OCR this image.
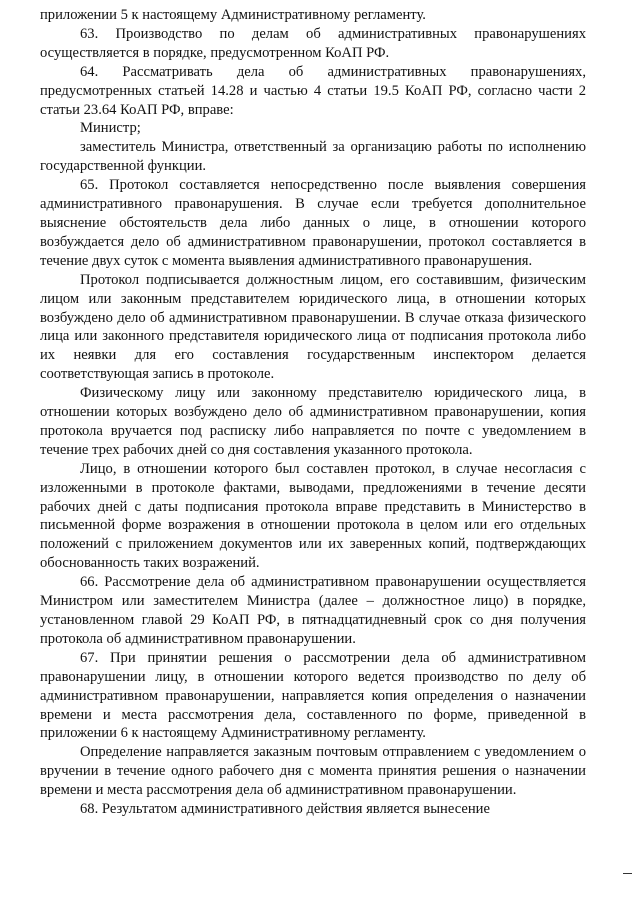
приложении 5 к настоящему Административному регламенту.

63. Производство по делам об административных правонарушениях осуществляется в порядке, предусмотренном КоАП РФ.

64. Рассматривать дела об административных правонарушениях, предусмотренных статьей 14.28 и частью 4 статьи 19.5 КоАП РФ, согласно части 2 статьи 23.64 КоАП РФ, вправе:

Министр;

заместитель Министра, ответственный за организацию работы по исполнению государственной функции.

65. Протокол составляется непосредственно после выявления совершения административного правонарушения. В случае если требуется дополнительное выяснение обстоятельств дела либо данных о лице, в отношении которого возбуждается дело об административном правонарушении, протокол составляется в течение двух суток с момента выявления административного правонарушения.

Протокол подписывается должностным лицом, его составившим, физическим лицом или законным представителем юридического лица, в отношении которых возбуждено дело об административном правонарушении. В случае отказа физического лица или законного представителя юридического лица от подписания протокола либо их неявки для его составления государственным инспектором делается соответствующая запись в протоколе.

Физическому лицу или законному представителю юридического лица, в отношении которых возбуждено дело об административном правонарушении, копия протокола вручается под расписку либо направляется по почте с уведомлением в течение трех рабочих дней со дня составления указанного протокола.

Лицо, в отношении которого был составлен протокол, в случае несогласия с изложенными в протоколе фактами, выводами, предложениями в течение десяти рабочих дней с даты подписания протокола вправе представить в Министерство в письменной форме возражения в отношении протокола в целом или его отдельных положений с приложением документов или их заверенных копий, подтверждающих обоснованность таких возражений.

66. Рассмотрение дела об административном правонарушении осуществляется Министром или заместителем Министра (далее – должностное лицо) в порядке, установленном главой 29 КоАП РФ, в пятнадцатидневный срок со дня получения протокола об административном правонарушении.

67. При принятии решения о рассмотрении дела об административном правонарушении лицу, в отношении которого ведется производство по делу об административном правонарушении, направляется копия определения о назначении времени и места рассмотрения дела, составленного по форме, приведенной в приложении 6 к настоящему Административному регламенту.

Определение направляется заказным почтовым отправлением с уведомлением о вручении в течение одного рабочего дня с момента принятия решения о назначении времени и места рассмотрения дела об административном правонарушении.

68. Результатом административного действия является вынесение
